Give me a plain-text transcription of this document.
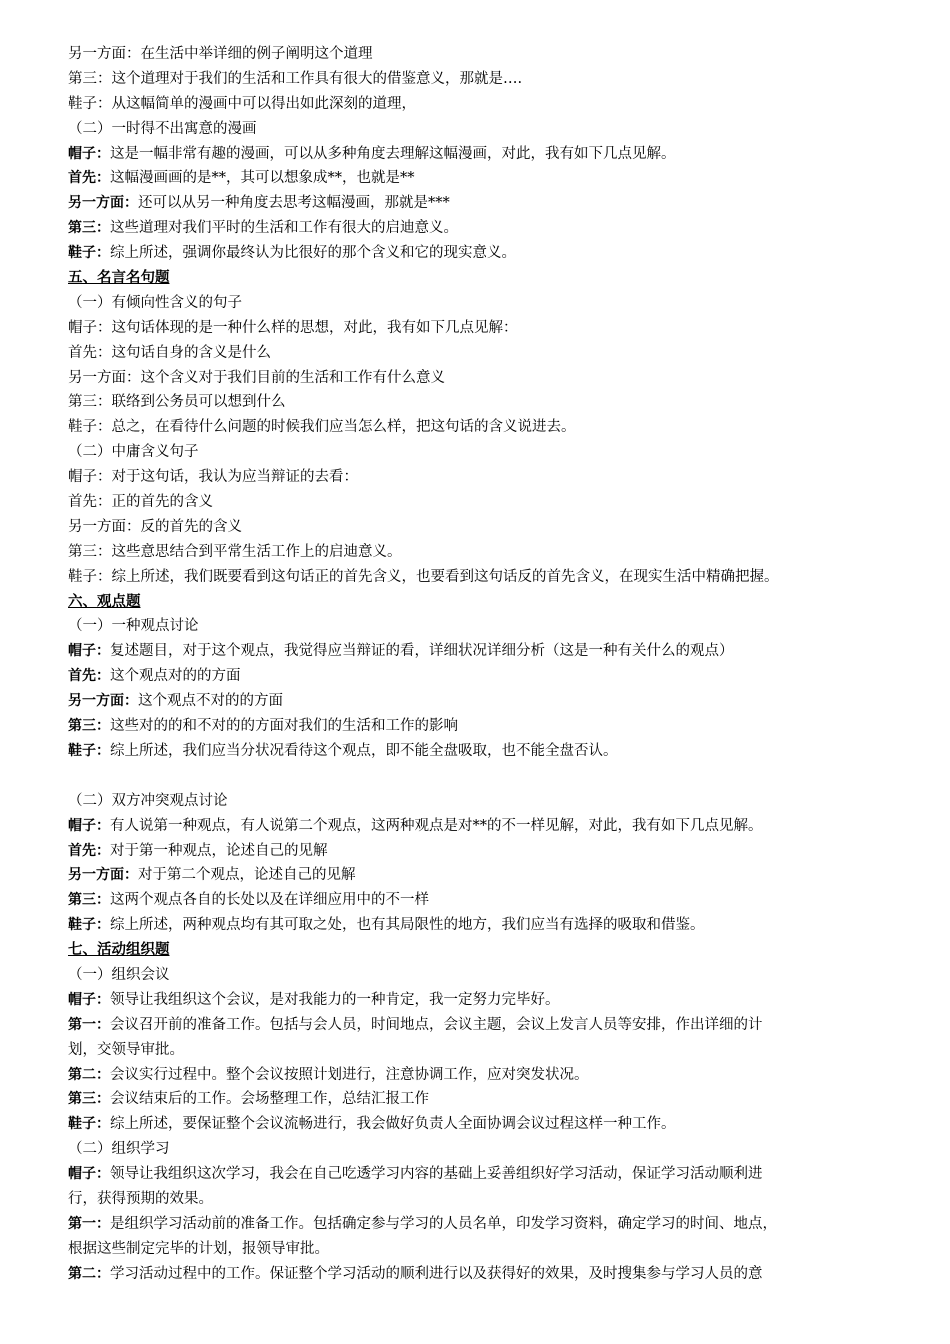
另一方面：在生活中举详细的例子阐明这个道理
第三：这个道理对于我们的生活和工作具有很大的借鉴意义，那就是….
鞋子：从这幅简单的漫画中可以得出如此深刻的道理，
（二）一时得不出寓意的漫画
帽子：这是一幅非常有趣的漫画，可以从多种角度去理解这幅漫画，对此，我有如下几点见解。
首先：这幅漫画画的是**，其可以想象成**，也就是**
另一方面：还可以从另一种角度去思考这幅漫画，那就是***
第三：这些道理对我们平时的生活和工作有很大的启迪意义。
鞋子：综上所述，强调你最终认为比很好的那个含义和它的现实意义。
五、名言名句题
（一）有倾向性含义的句子
帽子：这句话体现的是一种什么样的思想，对此，我有如下几点见解：
首先：这句话自身的含义是什么
另一方面：这个含义对于我们目前的生活和工作有什么意义
第三：联络到公务员可以想到什么
鞋子：总之，在看待什么问题的时候我们应当怎么样，把这句话的含义说进去。
（二）中庸含义句子
帽子：对于这句话，我认为应当辩证的去看：
首先：正的首先的含义
另一方面：反的首先的含义
第三：这些意思结合到平常生活工作上的启迪意义。
鞋子：综上所述，我们既要看到这句话正的首先含义，也要看到这句话反的首先含义，在现实生活中精确把握。
六、观点题
（一）一种观点讨论
帽子：复述题目，对于这个观点，我觉得应当辩证的看，详细状况详细分析（这是一种有关什么的观点）
首先：这个观点对的的方面
另一方面：这个观点不对的的方面
第三：这些对的的和不对的的方面对我们的生活和工作的影响
鞋子：综上所述，我们应当分状况看待这个观点，即不能全盘吸取，也不能全盘否认。
（二）双方冲突观点讨论
帽子：有人说第一种观点，有人说第二个观点，这两种观点是对**的不一样见解，对此，我有如下几点见解。
首先：对于第一种观点，论述自己的见解
另一方面：对于第二个观点，论述自己的见解
第三：这两个观点各自的长处以及在详细应用中的不一样
鞋子：综上所述，两种观点均有其可取之处，也有其局限性的地方，我们应当有选择的吸取和借鉴。
七、活动组织题
（一）组织会议
帽子：领导让我组织这个会议，是对我能力的一种肯定，我一定努力完毕好。
第一：会议召开前的准备工作。包括与会人员，时间地点，会议主题，会议上发言人员等安排，作出详细的计
划，交领导审批。
第二：会议实行过程中。整个会议按照计划进行，注意协调工作，应对突发状况。
第三：会议结束后的工作。会场整理工作，总结汇报工作
鞋子：综上所述，要保证整个会议流畅进行，我会做好负责人全面协调会议过程这样一种工作。
（二）组织学习
帽子：领导让我组织这次学习，我会在自己吃透学习内容的基础上妥善组织好学习活动，保证学习活动顺利进
行，获得预期的效果。
第一：是组织学习活动前的准备工作。包括确定参与学习的人员名单，印发学习资料，确定学习的时间、地点，
根据这些制定完毕的计划，报领导审批。
第二：学习活动过程中的工作。保证整个学习活动的顺利进行以及获得好的效果，及时搜集参与学习人员的意
